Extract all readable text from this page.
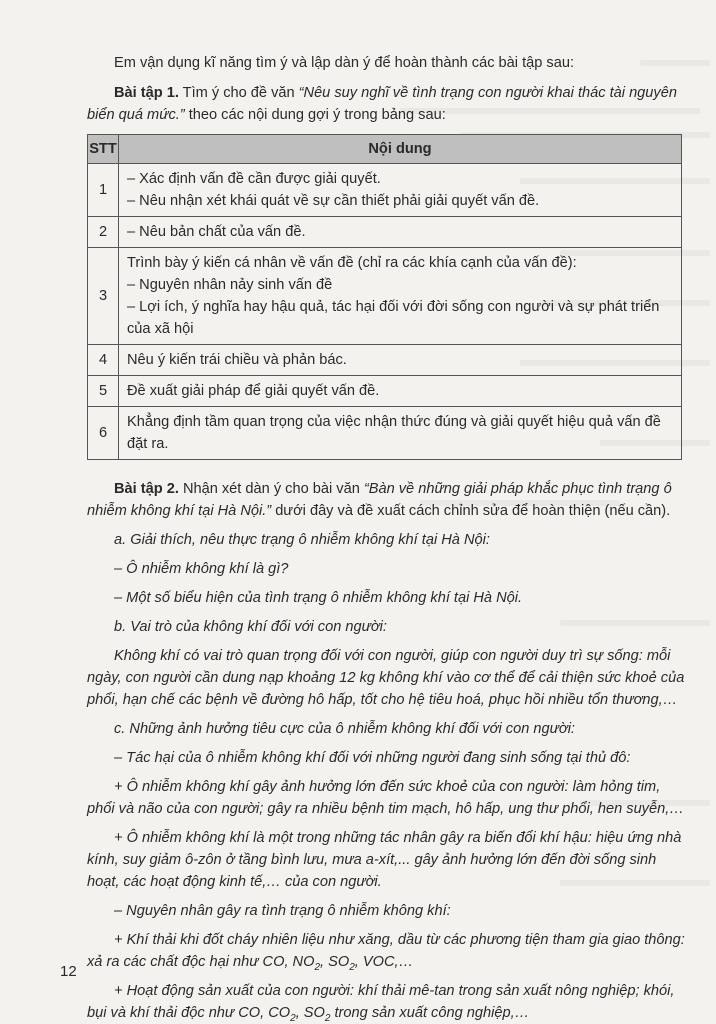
Em vận dụng kĩ năng tìm ý và lập dàn ý để hoàn thành các bài tập sau:

Bài tập 1. Tìm ý cho đề văn “Nêu suy nghĩ về tình trạng con người khai thác tài nguyên biển quá mức.” theo các nội dung gợi ý trong bảng sau:

STT	Nội dung
1	– Xác định vấn đề cần được giải quyết.
– Nêu nhận xét khái quát về sự cần thiết phải giải quyết vấn đề.

2	– Nêu bản chất của vấn đề.

3	Trình bày ý kiến cá nhân về vấn đề (chỉ ra các khía cạnh của vấn đề):
– Nguyên nhân nảy sinh vấn đề
– Lợi ích, ý nghĩa hay hậu quả, tác hại đối với đời sống con người và sự phát triển của xã hội

4	Nêu ý kiến trái chiều và phản bác.

5	Đề xuất giải pháp để giải quyết vấn đề.

6	Khẳng định tầm quan trọng của việc nhận thức đúng và giải quyết hiệu quả vấn đề đặt ra.

Bài tập 2. Nhận xét dàn ý cho bài văn “Bàn về những giải pháp khắc phục tình trạng ô nhiễm không khí tại Hà Nội.” dưới đây và đề xuất cách chỉnh sửa để hoàn thiện (nếu cần).

a. Giải thích, nêu thực trạng ô nhiễm không khí tại Hà Nội:

– Ô nhiễm không khí là gì?

– Một số biểu hiện của tình trạng ô nhiễm không khí tại Hà Nội.

b. Vai trò của không khí đối với con người:

Không khí có vai trò quan trọng đối với con người, giúp con người duy trì sự sống: mỗi ngày, con người cần dung nạp khoảng 12 kg không khí vào cơ thể để cải thiện sức khoẻ của phổi, hạn chế các bệnh về đường hô hấp, tốt cho hệ tiêu hoá, phục hồi nhiều tổn thương,…

c. Những ảnh hưởng tiêu cực của ô nhiễm không khí đối với con người:

– Tác hại của ô nhiễm không khí đối với những người đang sinh sống tại thủ đô:

+ Ô nhiễm không khí gây ảnh hưởng lớn đến sức khoẻ của con người: làm hỏng tim, phổi và não của con người; gây ra nhiều bệnh tim mạch, hô hấp, ung thư phổi, hen suyễn,…

+ Ô nhiễm không khí là một trong những tác nhân gây ra biến đổi khí hậu: hiệu ứng nhà kính, suy giảm ô-zôn ở tầng bình lưu, mưa a-xít,... gây ảnh hưởng lớn đến đời sống sinh hoạt, các hoạt động kinh tế,… của con người.

– Nguyên nhân gây ra tình trạng ô nhiễm không khí:

+ Khí thải khi đốt cháy nhiên liệu như xăng, dầu từ các phương tiện tham gia giao thông: xả ra các chất độc hại như CO, $NO_2$, $SO_2$, VOC,…

+ Hoạt động sản xuất của con người: khí thải mê-tan trong sản xuất nông nghiệp; khói, bụi và khí thải độc như CO, $CO_2$, $SO_2$ trong sản xuất công nghiệp,…

12
